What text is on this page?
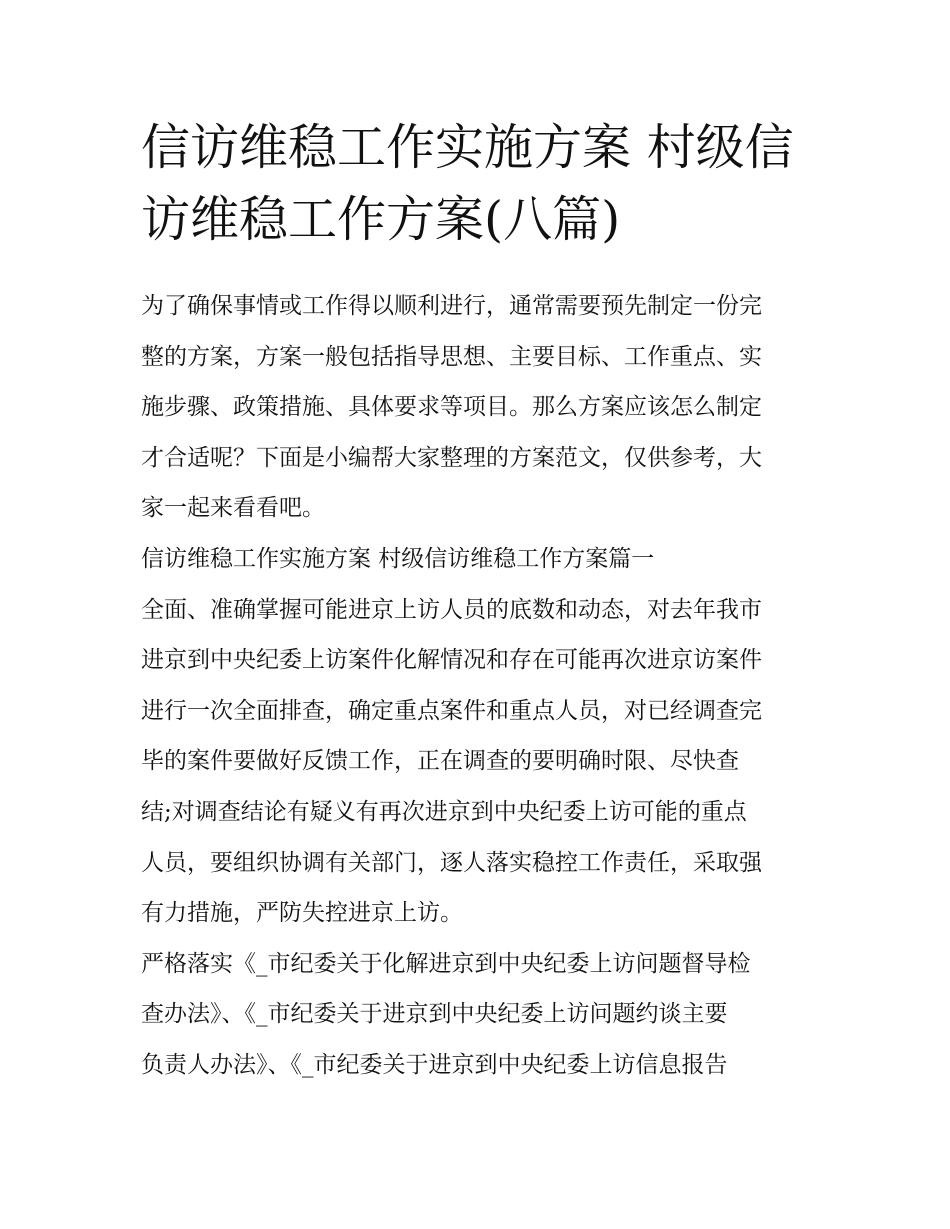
信访维稳工作实施方案 村级信
访维稳工作方案(八篇)
为了确保事情或工作得以顺利进行，通常需要预先制定一份完
整的方案，方案一般包括指导思想、主要目标、工作重点、实
施步骤、政策措施、具体要求等项目。那么方案应该怎么制定
才合适呢？下面是小编帮大家整理的方案范文，仅供参考，大
家一起来看看吧。
信访维稳工作实施方案 村级信访维稳工作方案篇一
全面、准确掌握可能进京上访人员的底数和动态，对去年我市
进京到中央纪委上访案件化解情况和存在可能再次进京访案件
进行一次全面排查，确定重点案件和重点人员，对已经调查完
毕的案件要做好反馈工作，正在调查的要明确时限、尽快查
结;对调查结论有疑义有再次进京到中央纪委上访可能的重点
人员，要组织协调有关部门，逐人落实稳控工作责任，采取强
有力措施，严防失控进京上访。
严格落实《_市纪委关于化解进京到中央纪委上访问题督导检
查办法》、《_市纪委关于进京到中央纪委上访问题约谈主要
负责人办法》、《_市纪委关于进京到中央纪委上访信息报告
